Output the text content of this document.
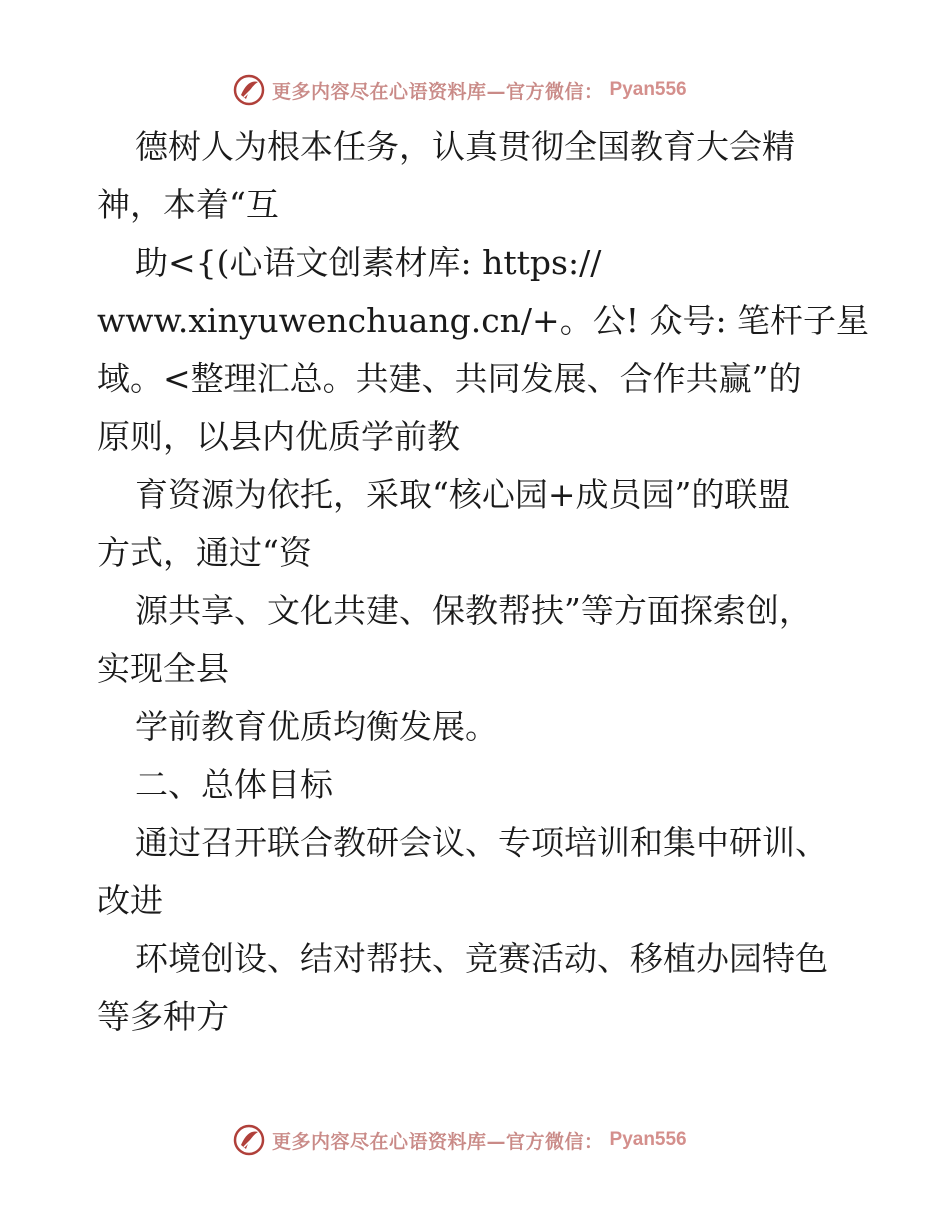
更多内容尽在心语资料库—官方微信： Pyan556
德树人为根本任务，认真贯彻全国教育大会精
神，本着“互
助<{(心语文创素材库: https://
www.xinyuwenchuang.cn/+。公! 众号: 笔杆子星
域。<整理汇总。共建、共同发展、合作共赢”的
原则，以县内优质学前教
育资源为依托，采取“核心园+成员园”的联盟
方式，通过“资
源共享、文化共建、保教帮扶”等方面探索创，
实现全县
学前教育优质均衡发展。
二、总体目标
通过召开联合教研会议、专项培训和集中研训、
改进
环境创设、结对帮扶、竞赛活动、移植办园特色
等多种方
更多内容尽在心语资料库—官方微信： Pyan556
